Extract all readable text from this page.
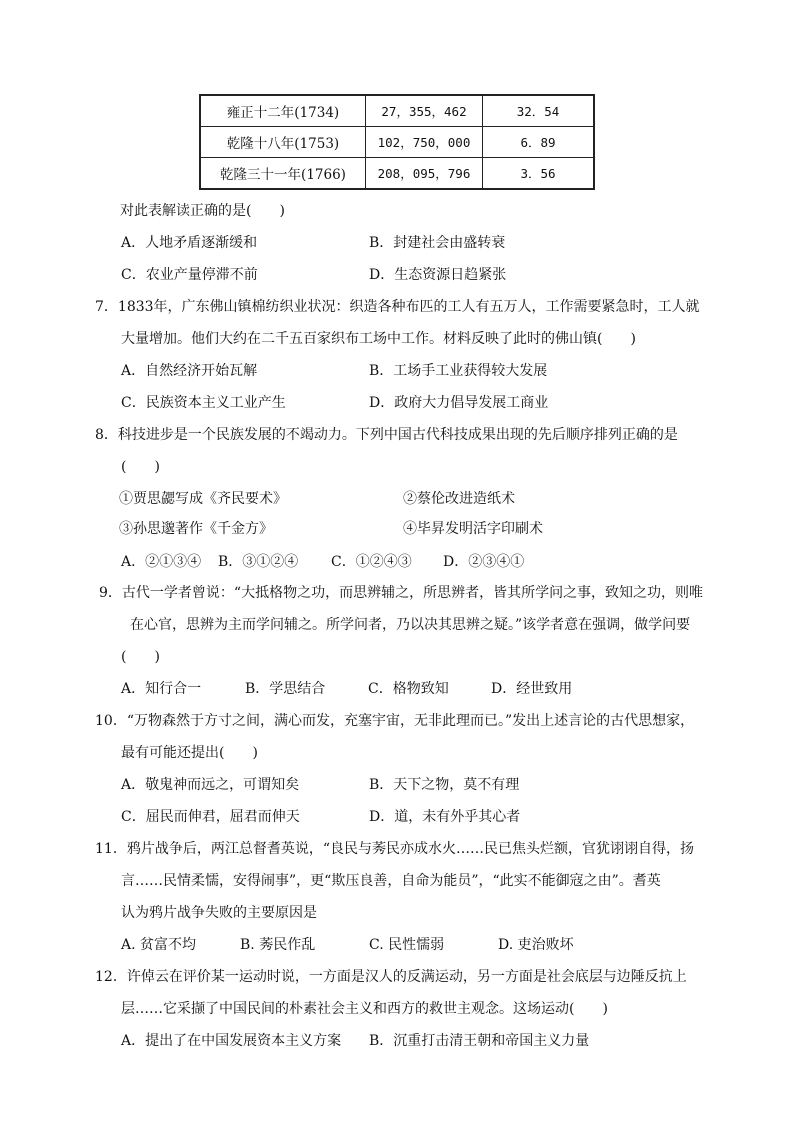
雍正十二年(1734)	27，355，462	32．54
乾隆十八年(1753)	102，750，000	6．89
乾隆三十一年(1766)	208，095，796	3．56
对此表解读正确的是(　　)
A．人地矛盾逐渐缓和	B．封建社会由盛转衰
C．农业产量停滞不前	D．生态资源日趋紧张
7．1833年，广东佛山镇棉纺织业状况：织造各种布匹的工人有五万人，工作需要紧急时，工人就
大量增加。他们大约在二千五百家织布工场中工作。材料反映了此时的佛山镇(　　)
A．自然经济开始瓦解	B．工场手工业获得较大发展
C．民族资本主义工业产生	D．政府大力倡导发展工商业
8．科技进步是一个民族发展的不竭动力。下列中国古代科技成果出现的先后顺序排列正确的是
(　　)
①贾思勰写成《齐民要术》	②蔡伦改进造纸术
③孙思邈著作《千金方》	④毕昇发明活字印刷术
A．②①③④ B．③①②④ C．①②④③ D．②③④①
9．古代一学者曾说：“大抵格物之功，而思辨辅之，所思辨者，皆其所学问之事，致知之功，则唯
在心官，思辨为主而学问辅之。所学问者，乃以决其思辨之疑。”该学者意在强调，做学问要
(　　)
A．知行合一	B．学思结合	C．格物致知	D．经世致用
10．“万物森然于方寸之间，满心而发，充塞宇宙，无非此理而已。”发出上述言论的古代思想家，
最有可能还提出(　　)
A．敬鬼神而远之，可谓知矣	B．天下之物，莫不有理
C．屈民而伸君，屈君而伸天	D．道，未有外乎其心者
11．鸦片战争后，两江总督耆英说，“良民与莠民亦成水火……民已焦头烂额，官犹诩诩自得，扬
言……民情柔懦，安得闹事”，更“欺压良善，自命为能员”，“此实不能御寇之由”。耆英
认为鸦片战争失败的主要原因是
A. 贫富不均	B. 莠民作乱	C. 民性懦弱	D. 吏治败坏
12．许倬云在评价某一运动时说，一方面是汉人的反满运动，另一方面是社会底层与边陲反抗上
层……它采撷了中国民间的朴素社会主义和西方的救世主观念。这场运动(　　)
A．提出了在中国发展资本主义方案 B．沉重打击清王朝和帝国主义力量
